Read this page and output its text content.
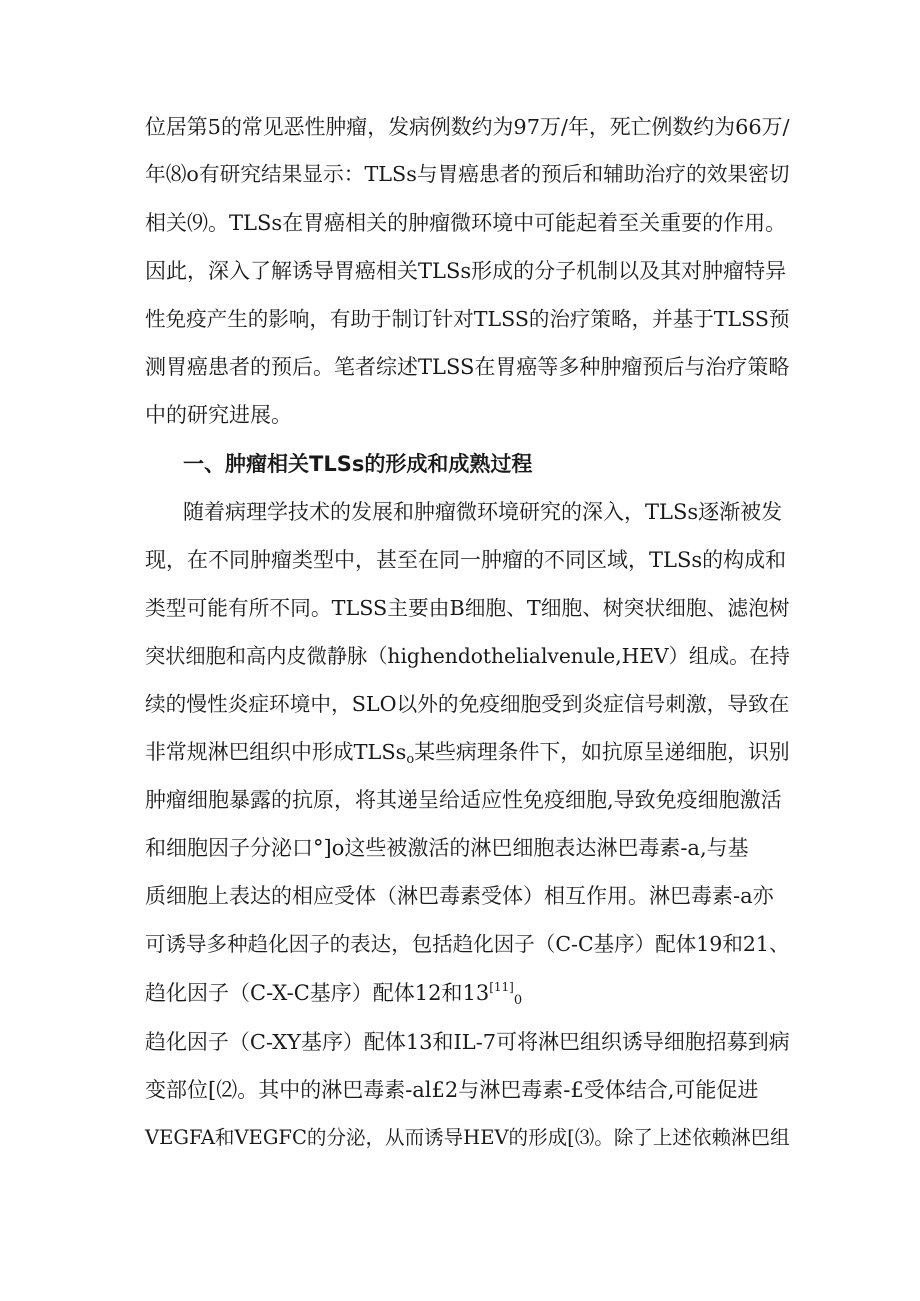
位居第5的常见恶性肿瘤，发病例数约为97万/年，死亡例数约为66万/
年⑻o有研究结果显示：TLSs与胃癌患者的预后和辅助治疗的效果密切
相关⑼。TLSs在胃癌相关的肿瘤微环境中可能起着至关重要的作用。
因此，深入了解诱导胃癌相关TLSs形成的分子机制以及其对肿瘤特异
性免疫产生的影响，有助于制订针对TLSS的治疗策略，并基于TLSS预
测胃癌患者的预后。笔者综述TLSS在胃癌等多种肿瘤预后与治疗策略
中的研究进展。
一、肿瘤相关TLSs的形成和成熟过程
随着病理学技术的发展和肿瘤微环境研究的深入，TLSs逐渐被发
现，在不同肿瘤类型中，甚至在同一肿瘤的不同区域，TLSs的构成和
类型可能有所不同。TLSS主要由B细胞、T细胞、树突状细胞、滤泡树
突状细胞和高内皮微静脉（highendothelialvenule,HEV）组成。在持
续的慢性炎症环境中，SLO以外的免疫细胞受到炎症信号刺激，导致在
非常规淋巴组织中形成TLSs$_o$某些病理条件下，如抗原呈递细胞，识别
肿瘤细胞暴露的抗原，将其递呈给适应性免疫细胞,导致免疫细胞激活
和细胞因子分泌口°]o这些被激活的淋巴细胞表达淋巴毒素-a,与基
质细胞上表达的相应受体（淋巴毒素受体）相互作用。淋巴毒素-a亦
可诱导多种趋化因子的表达，包括趋化因子（C-C基序）配体19和21、
趋化因子（C-X-C基序）配体12和$13[11]_0$
趋化因子（C-XY基序）配体13和IL-7可将淋巴组织诱导细胞招募到病
变部位[⑵。其中的淋巴毒素-al£2与淋巴毒素-£受体结合,可能促进
VEGFA和VEGFC的分泌，从而诱导HEV的形成[⑶。除了上述依赖淋巴组
